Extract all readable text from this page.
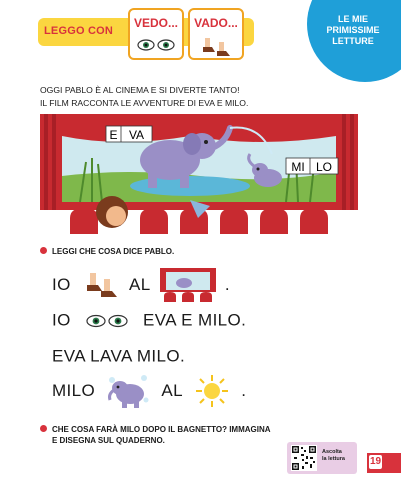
LEGGO CON
VEDO...	VADO...	LE MIE
PRIMISSIME
LETTURE
OGGI PABLO È AL CINEMA E SI DIVERTE TANTO!
IL FILM RACCONTA LE AVVENTURE DI EVA E MILO.
E VA
MI LO
LEGGI CHE COSA DICE PABLO.
IO	AL	.
IO	EVA E MILO.
EVA LAVA MILO.
MILO	AL	.
CHE COSA FARÀ MILO DOPO IL BAGNETTO? IMMAGINA
E DISEGNA SUL QUADERNO.
Ascolta
la lettura	19
